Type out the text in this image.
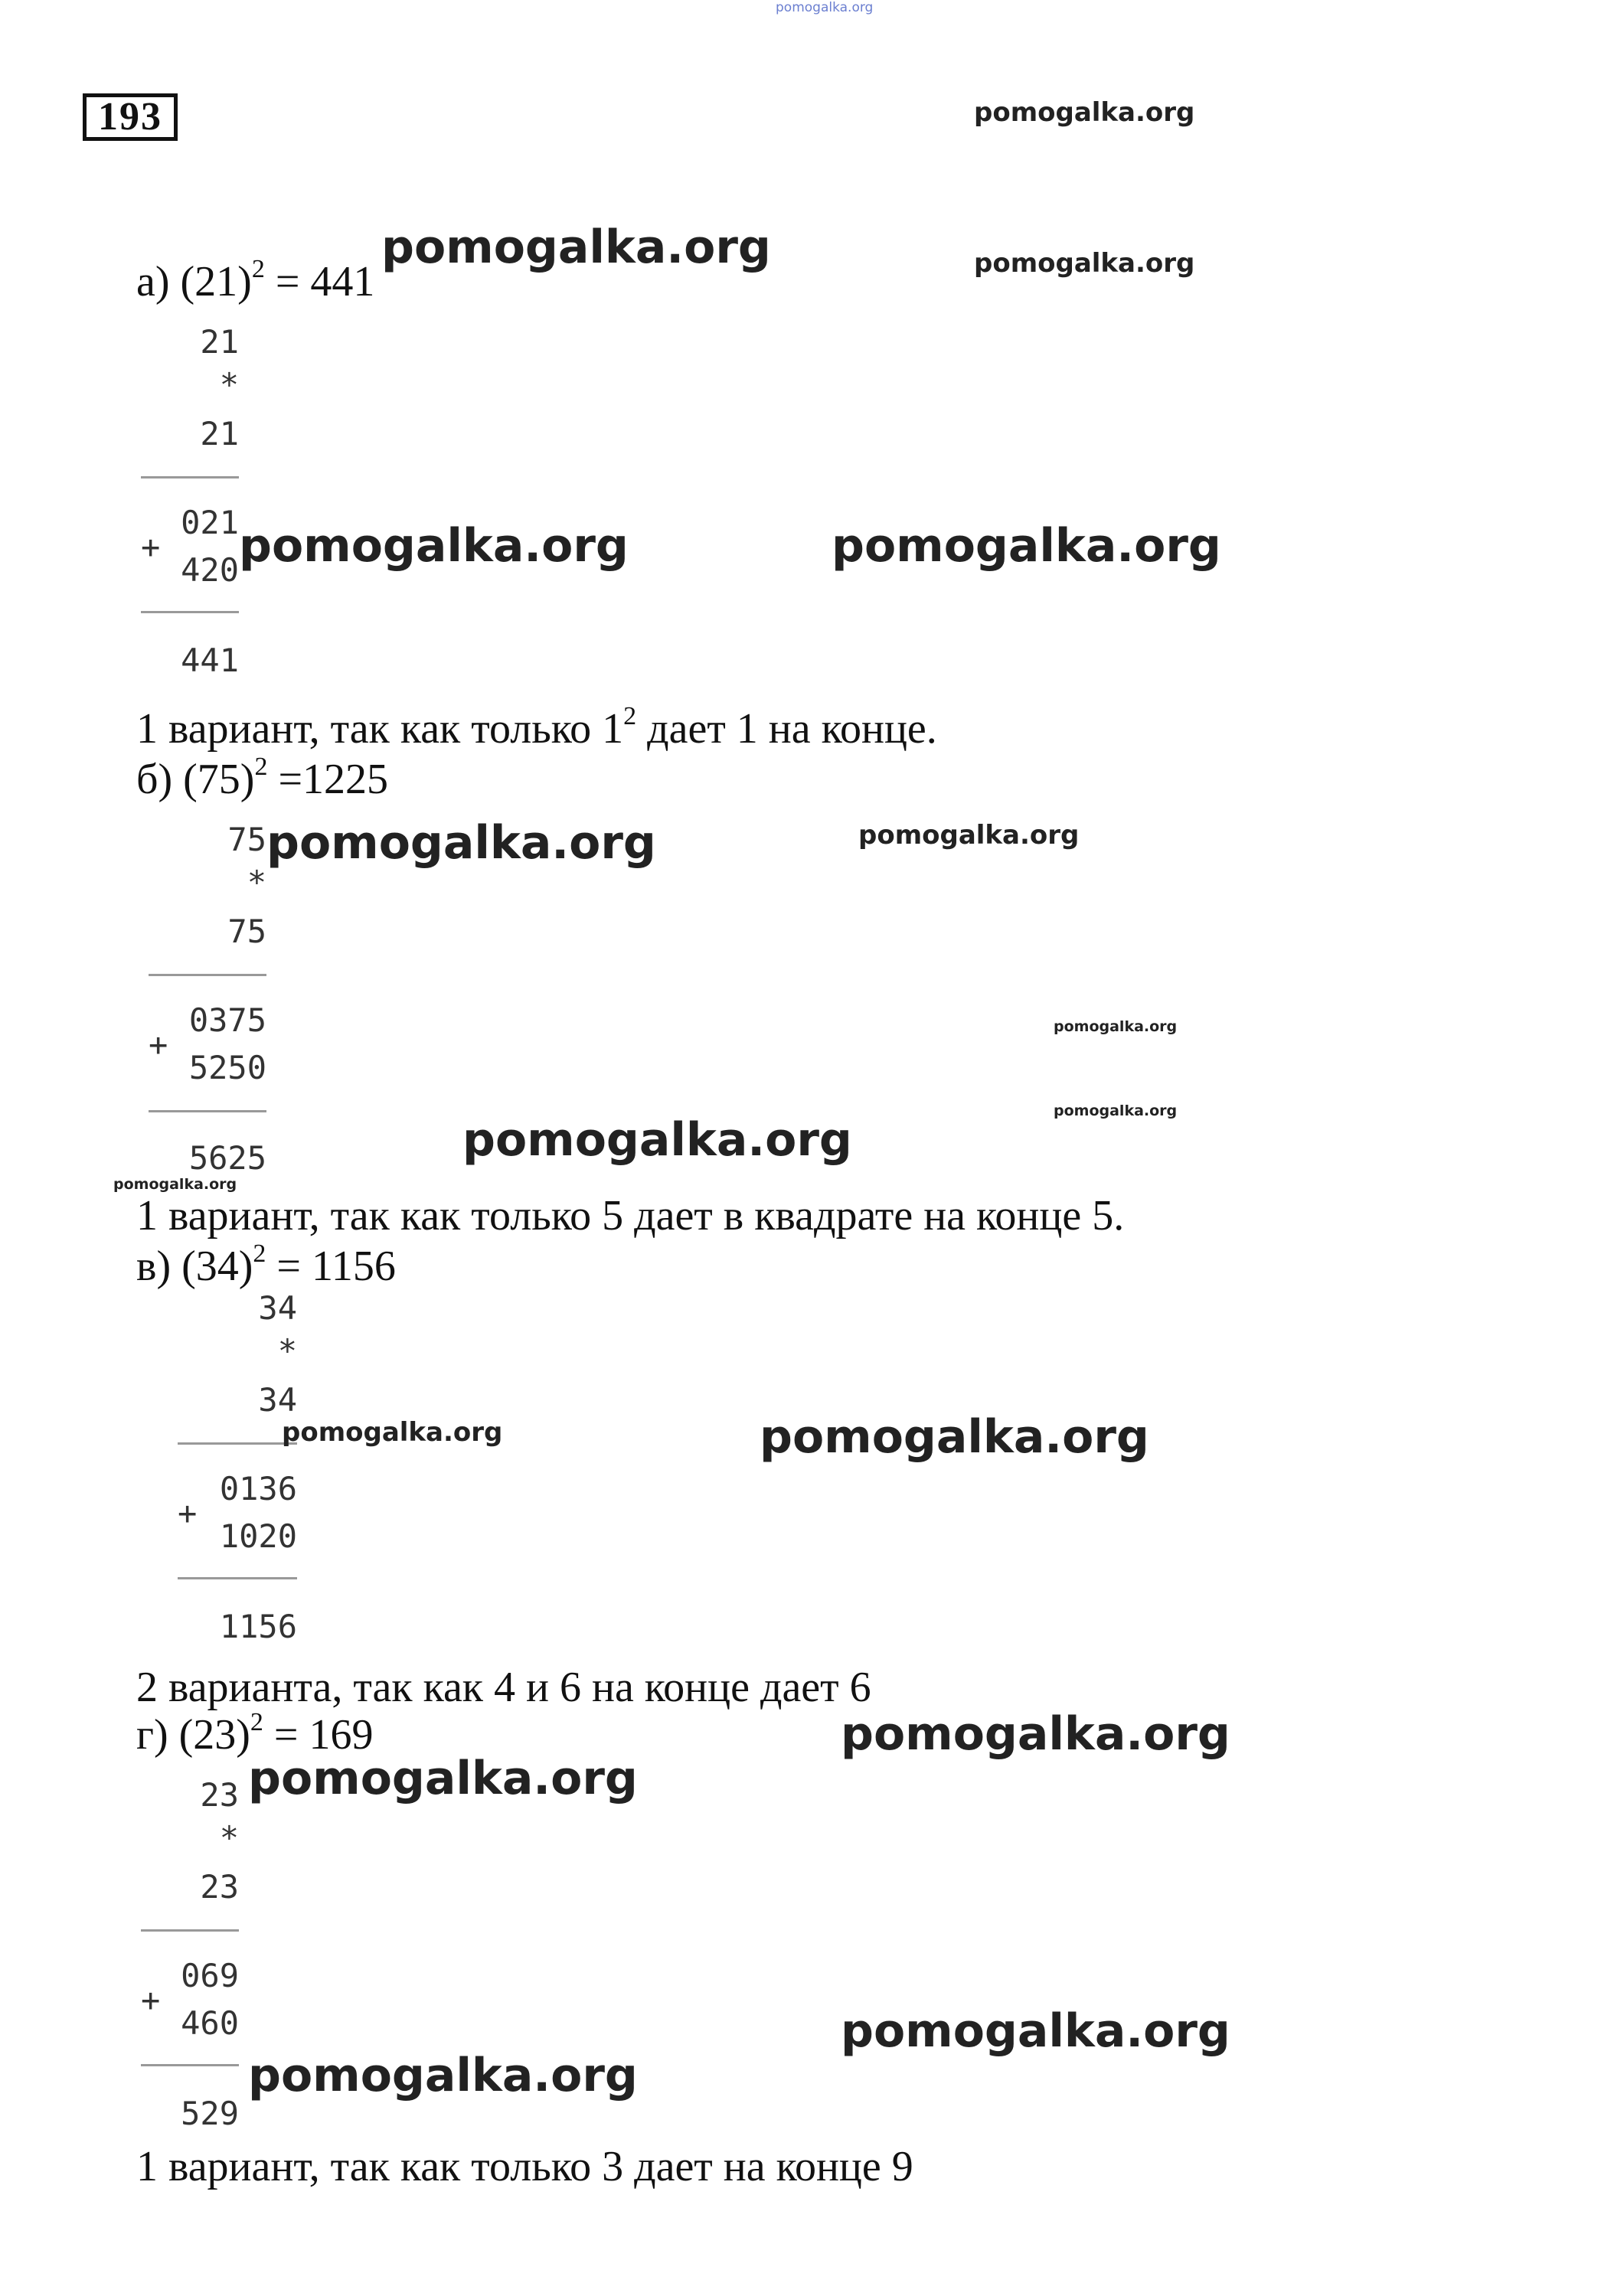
pomogalka.org
193	pomogalka.org
а) $(21)^2 = 441$
pomogalka.org	pomogalka.org
21
*
21
021
+
420
441
pomogalka.org	pomogalka.org
1 вариант, так как только $1^2$ дает 1 на конце.
б) $(75)^2 =1225$
75 pomogalka.org	pomogalka.org
*
75
0375
+	pomogalka.org
5250
pomogalka.org
5625	pomogalka.org
pomogalka.org
1 вариант, так как только 5 дает в квадрате на конце 5.
в) $(34)^2 = 1156$
34
*
34
pomogalka.org	pomogalka.org
0136
+
1020
1156
2 варианта, так как 4 и 6 на конце дает 6
г) $(23)^2 = 169$	pomogalka.org
23 pomogalka.org
*
23
069
+
460	pomogalka.org
pomogalka.org
529
1 вариант, так как только 3 дает на конце 9
